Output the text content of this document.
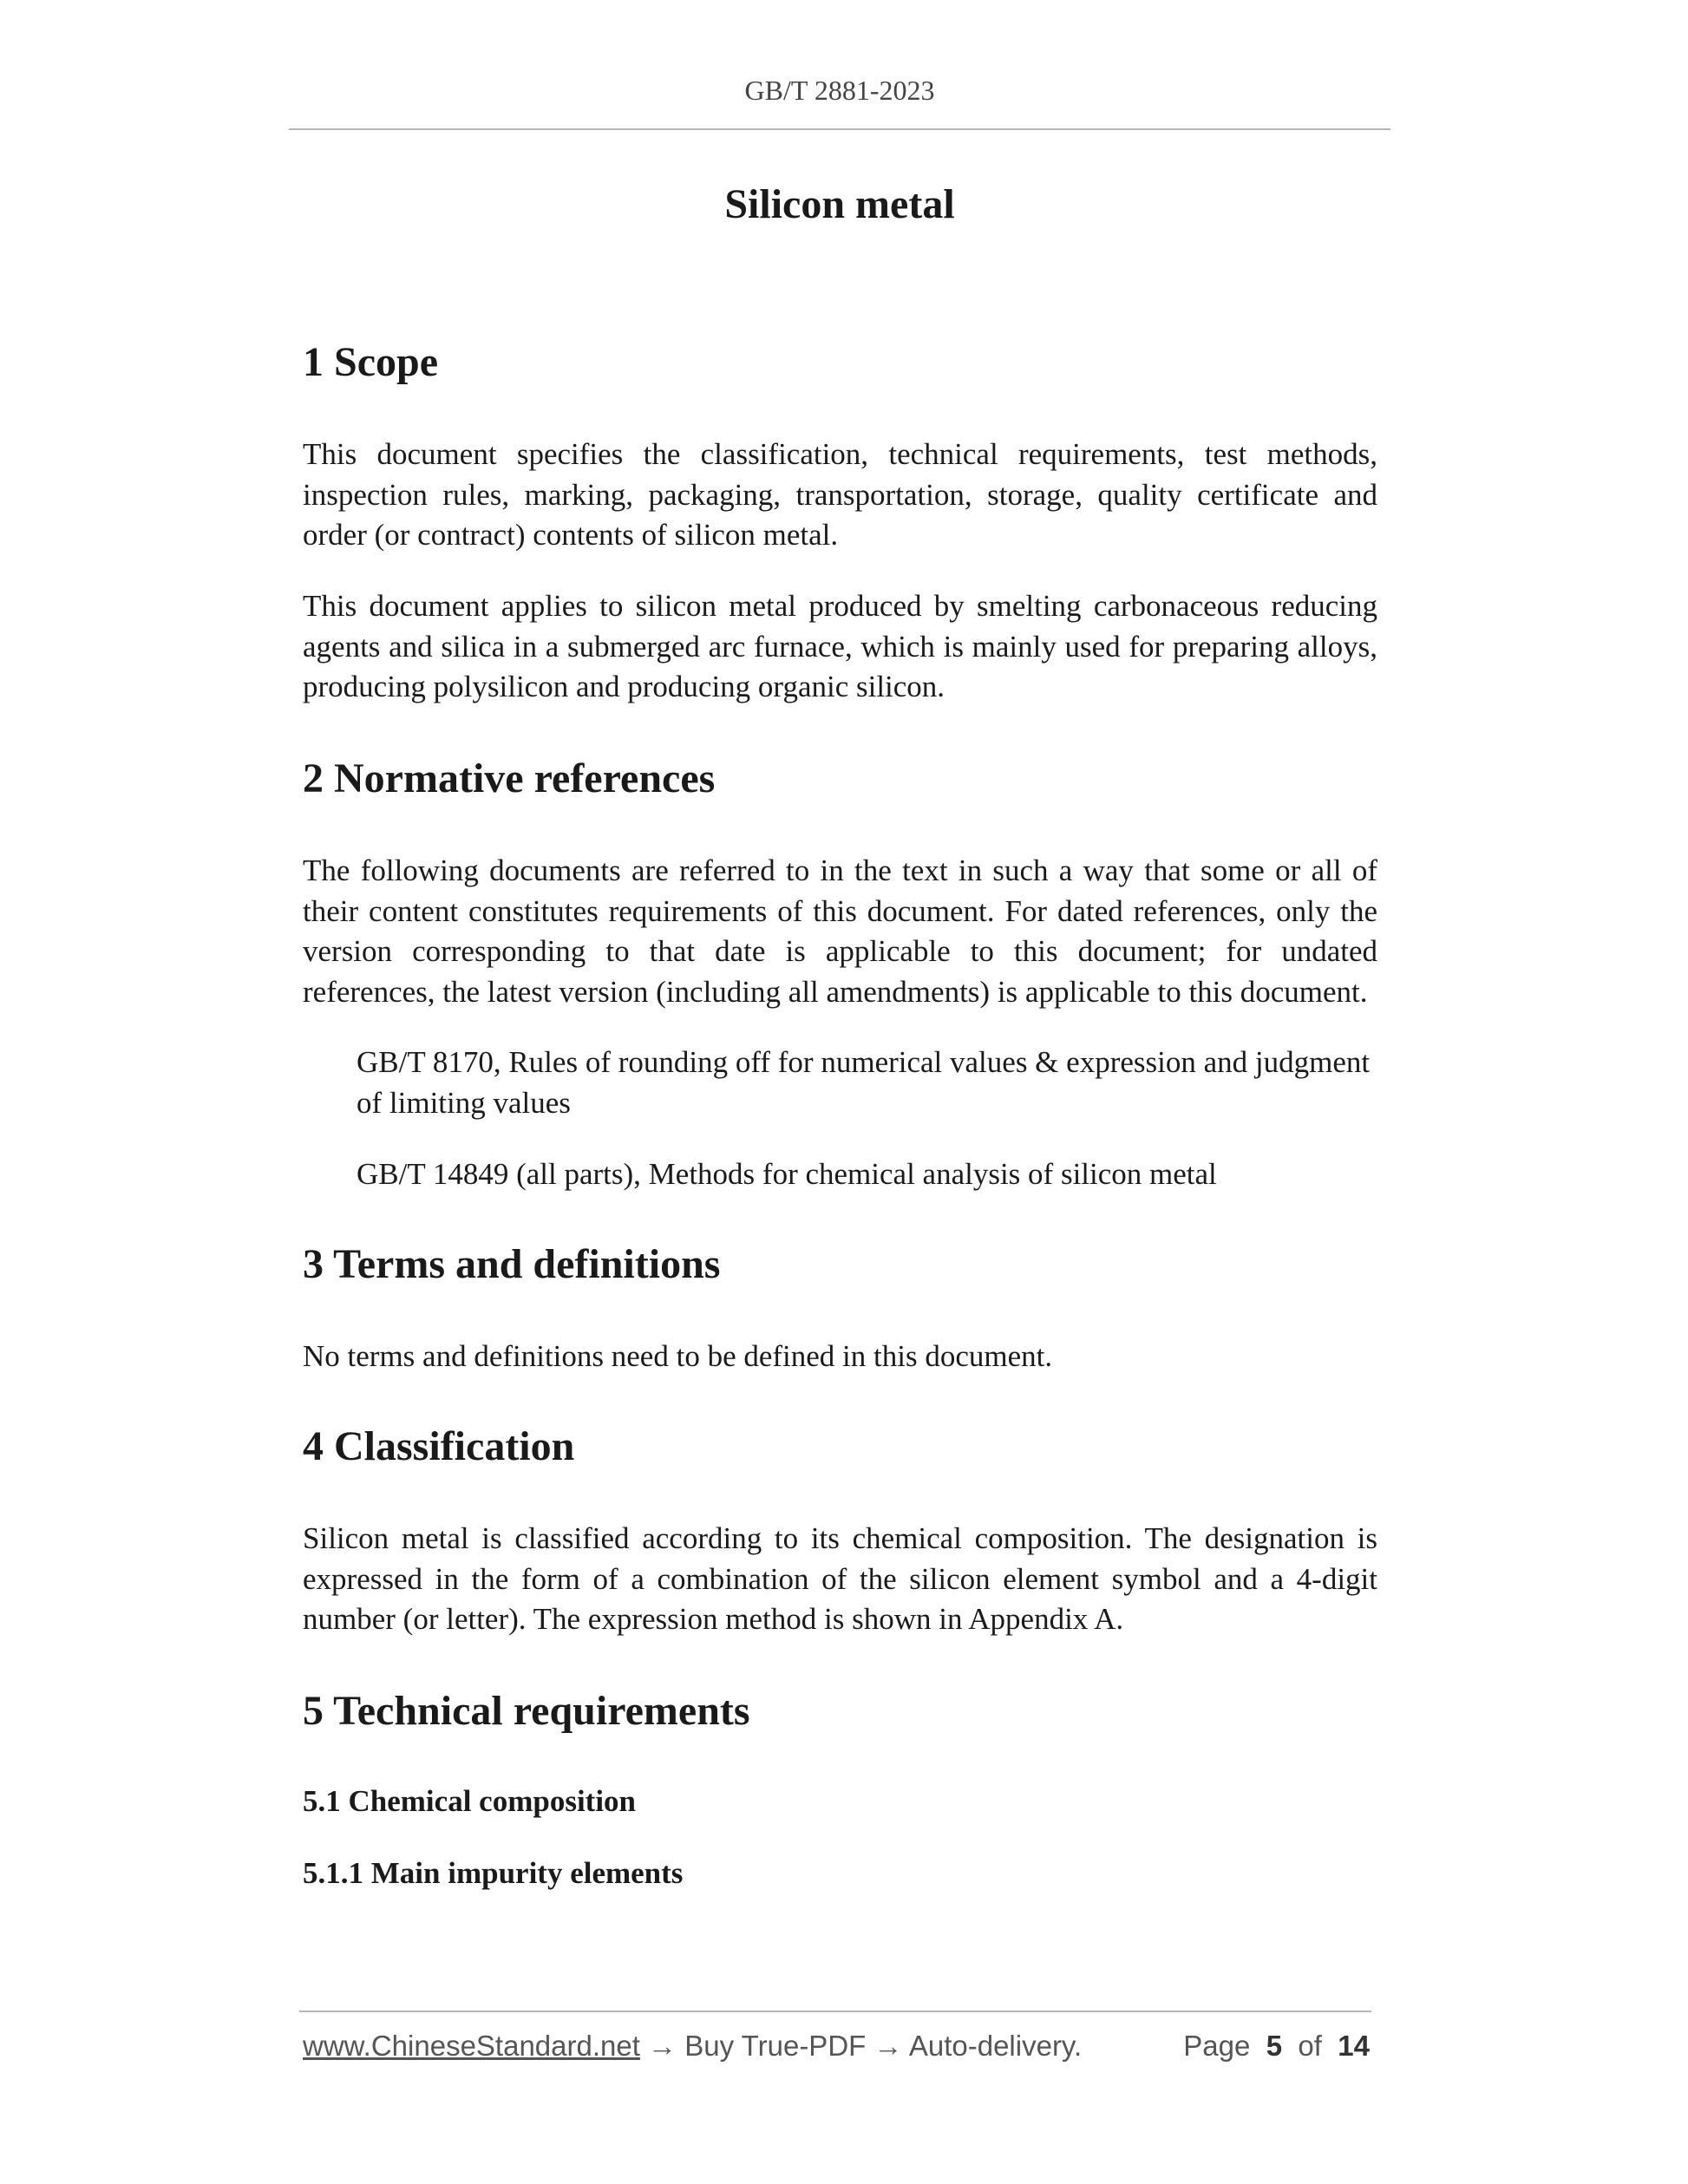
GB/T 2881-2023
Silicon metal
1 Scope

This document specifies the classification, technical requirements, test methods, inspection rules, marking, packaging, transportation, storage, quality certificate and order (or contract) contents of silicon metal.

This document applies to silicon metal produced by smelting carbonaceous reducing agents and silica in a submerged arc furnace, which is mainly used for preparing alloys, producing polysilicon and producing organic silicon.

2 Normative references

The following documents are referred to in the text in such a way that some or all of their content constitutes requirements of this document. For dated references, only the version corresponding to that date is applicable to this document; for undated references, the latest version (including all amendments) is applicable to this document.

GB/T 8170, Rules of rounding off for numerical values & expression and judgment of limiting values

GB/T 14849 (all parts), Methods for chemical analysis of silicon metal

3 Terms and definitions

No terms and definitions need to be defined in this document.

4 Classification

Silicon metal is classified according to its chemical composition. The designation is expressed in the form of a combination of the silicon element symbol and a 4-digit number (or letter). The expression method is shown in Appendix A.

5 Technical requirements
5.1 Chemical composition
5.1.1 Main impurity elements
www.ChineseStandard.net → Buy True-PDF → Auto-delivery.	Page 5 of 14
